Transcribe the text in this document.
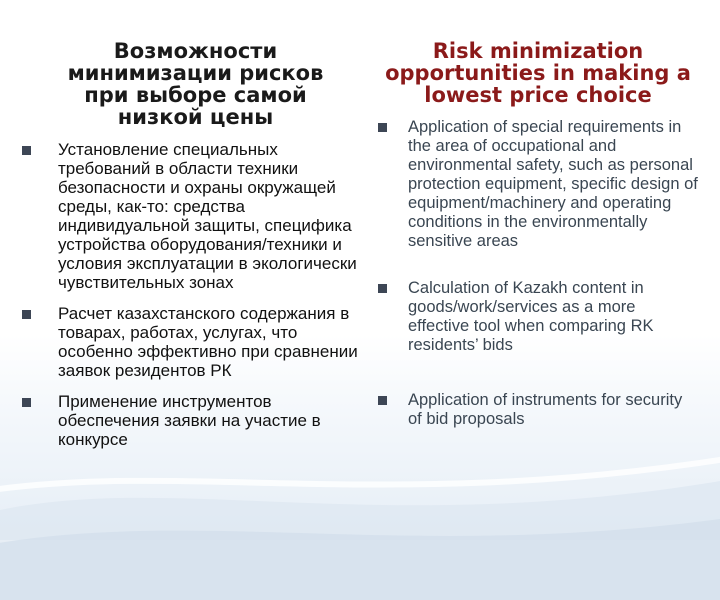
Возможности минимизации рисков при выборе самой низкой цены
Установление специальных требований в области техники безопасности и охраны окружащей среды, как-то: средства индивидуальной защиты, специфика устройства оборудования/техники и условия эксплуатации в экологически чувствительных зонах
Расчет казахстанского содержания в товарах, работах, услугах, что особенно эффективно при сравнении заявок резидентов РК
Применение инструментов обеспечения заявки на участие в конкурсе
Risk minimization opportunities in making a lowest price choice
Application of special requirements in the area of occupational and environmental safety, such as personal protection equipment, specific design of equipment/machinery and operating conditions in the environmentally sensitive areas
Calculation of Kazakh content in goods/work/services as a more effective tool when comparing RK residents’ bids
Application of instruments for security of bid proposals
